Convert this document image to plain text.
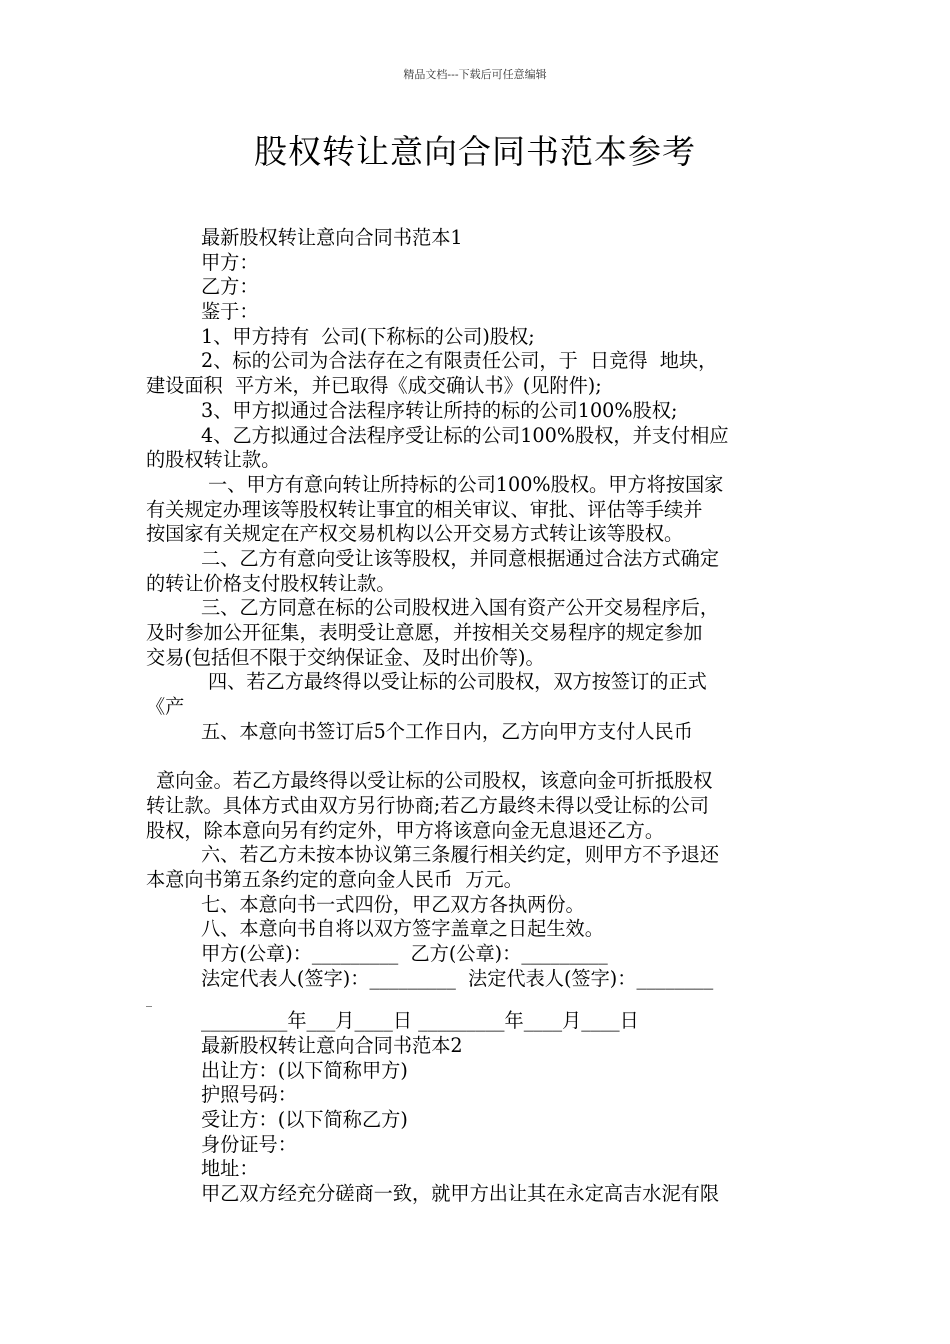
精品文档---下载后可任意编辑
股权转让意向合同书范本参考
最新股权转让意向合同书范本1
甲方：
乙方：
鉴于：
1、甲方持有  公司(下称标的公司)股权;
2、标的公司为合法存在之有限责任公司，于  日竞得  地块，
建设面积  平方米，并已取得《成交确认书》(见附件);
3、甲方拟通过合法程序转让所持的标的公司100%股权;
4、乙方拟通过合法程序受让标的公司100%股权，并支付相应
的股权转让款。
一、甲方有意向转让所持标的公司100%股权。甲方将按国家
有关规定办理该等股权转让事宜的相关审议、审批、评估等手续并
按国家有关规定在产权交易机构以公开交易方式转让该等股权。
二、乙方有意向受让该等股权，并同意根据通过合法方式确定
的转让价格支付股权转让款。
三、乙方同意在标的公司股权进入国有资产公开交易程序后，
及时参加公开征集，表明受让意愿，并按相关交易程序的规定参加
交易(包括但不限于交纳保证金、及时出价等)。
四、若乙方最终得以受让标的公司股权，双方按签订的正式
《产
五、本意向书签订后5个工作日内，乙方向甲方支付人民币
意向金。若乙方最终得以受让标的公司股权，该意向金可折抵股权
转让款。具体方式由双方另行协商;若乙方最终未得以受让标的公司
股权，除本意向另有约定外，甲方将该意向金无息退还乙方。
六、若乙方未按本协议第三条履行相关约定，则甲方不予退还
本意向书第五条约定的意向金人民币  万元。
七、本意向书一式四份，甲乙双方各执两份。
八、本意向书自将以双方签字盖章之日起生效。
甲方(公章)：_________  乙方(公章)：_________
法定代表人(签字)：_________  法定代表人(签字)：________
_
_________年___月____日 _________年____月____日
最新股权转让意向合同书范本2
出让方：(以下简称甲方)
护照号码：
受让方：(以下简称乙方)
身份证号：
地址：
甲乙双方经充分磋商一致，就甲方出让其在永定高吉水泥有限
